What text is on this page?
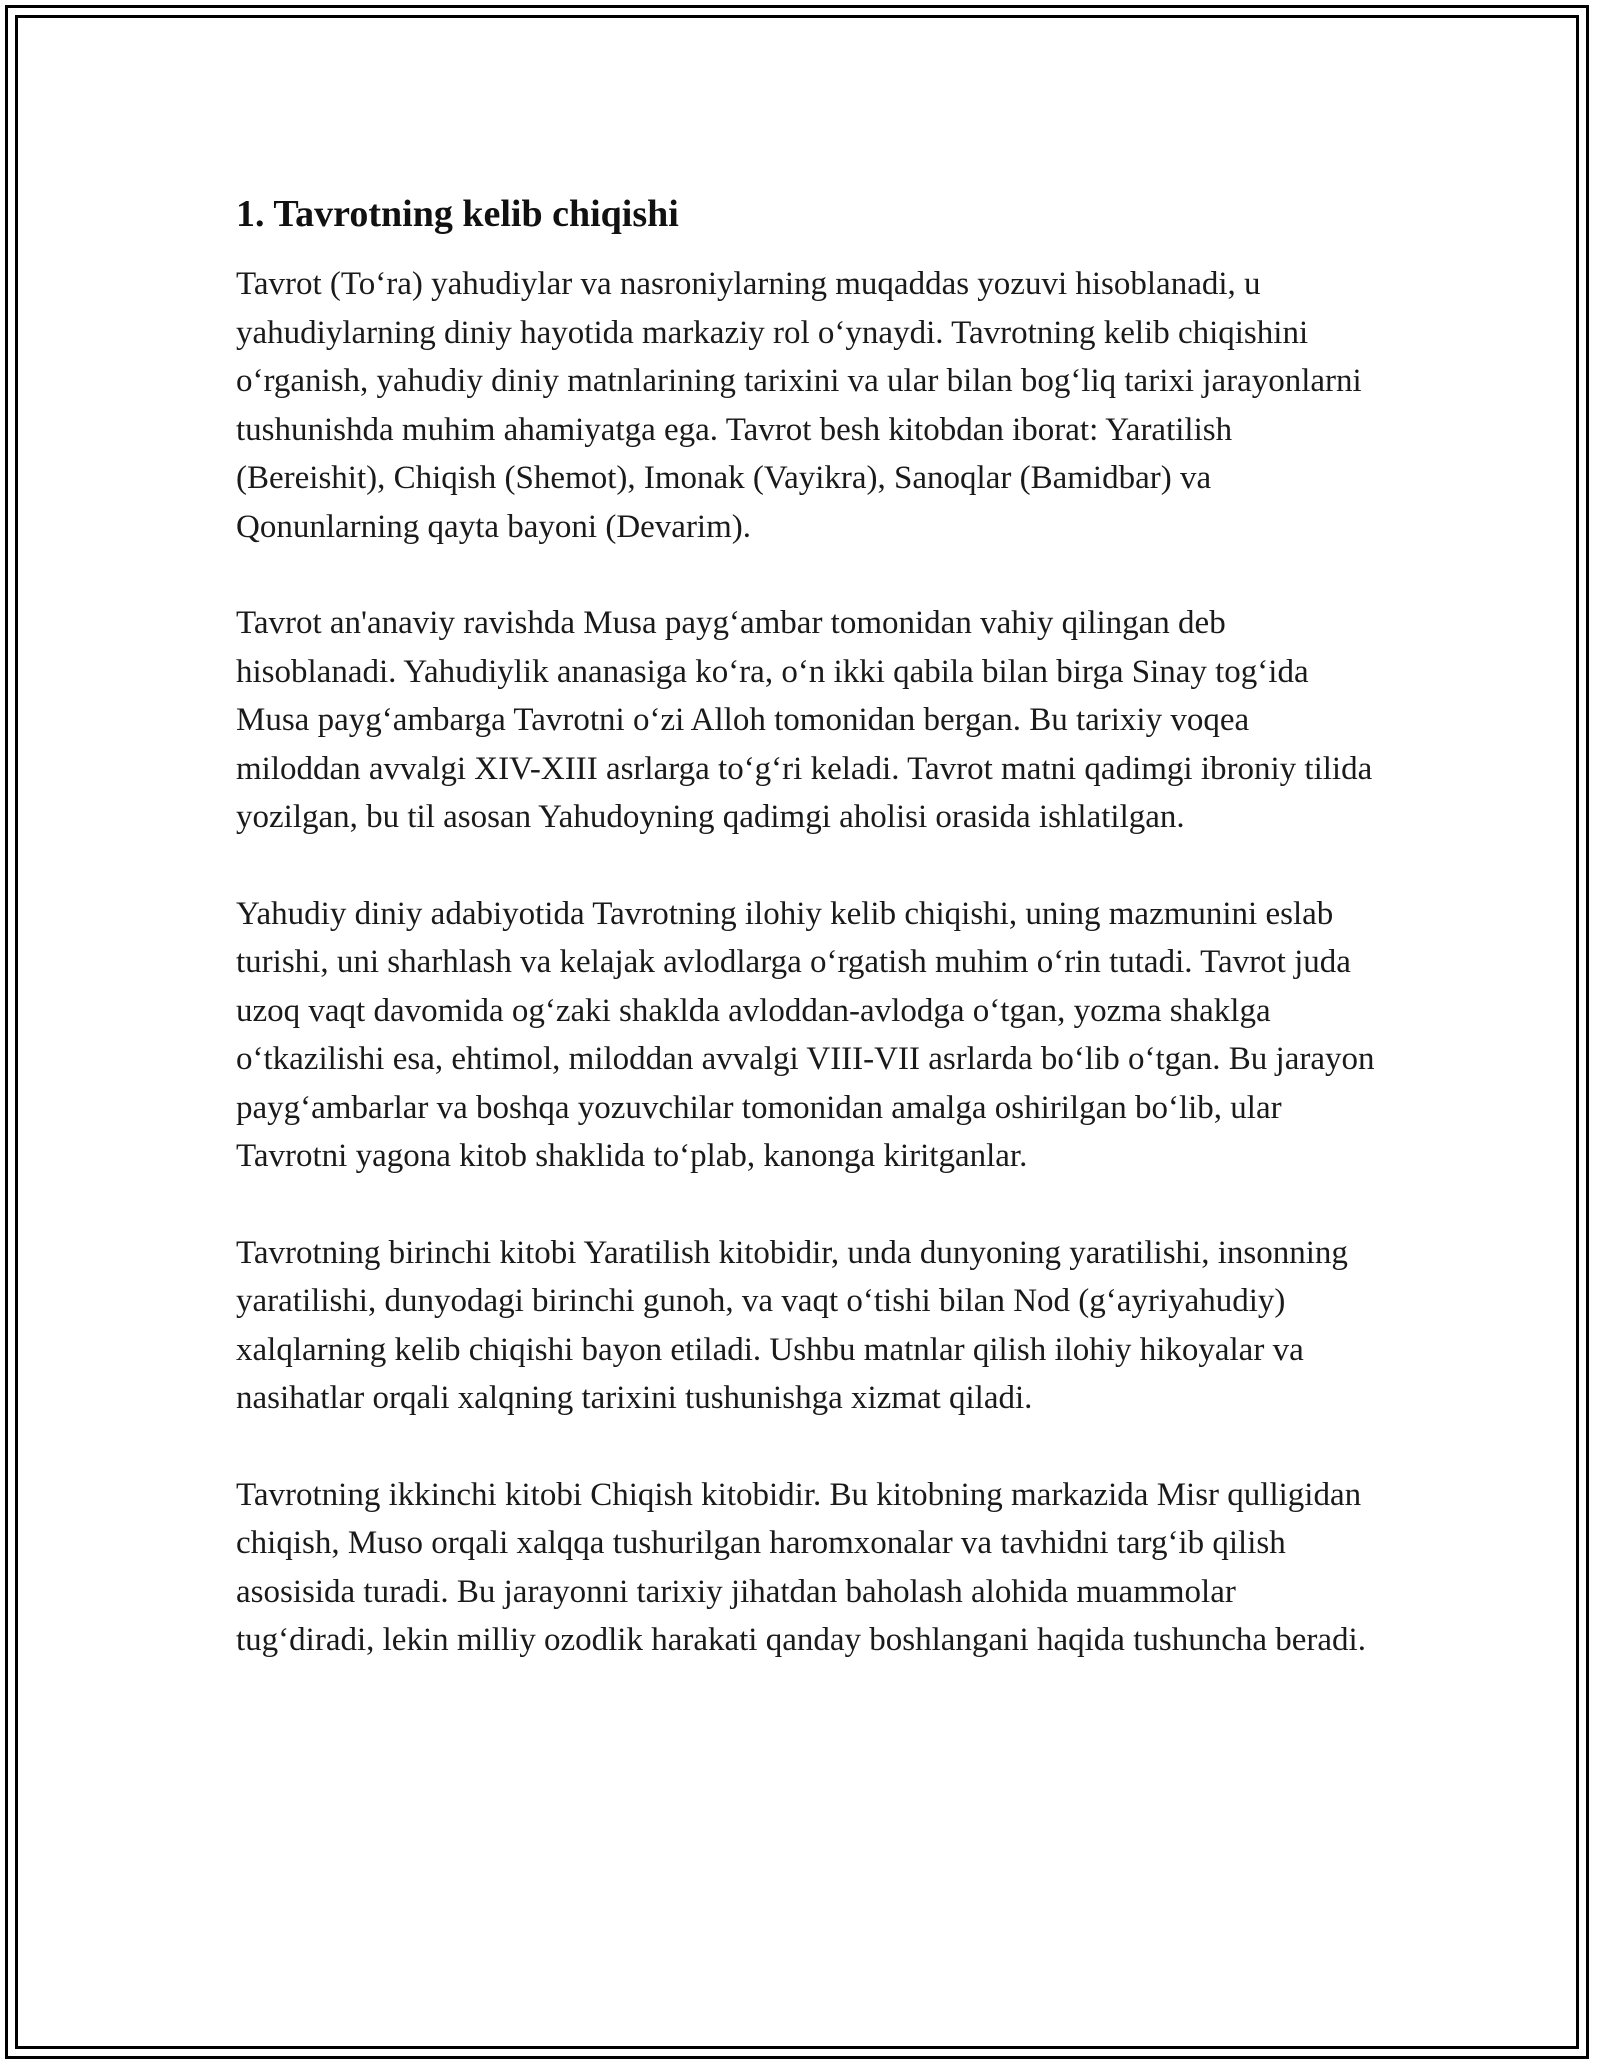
1. Tavrotning kelib chiqishi

Tavrot (To‘ra) yahudiylar va nasroniylarning muqaddas yozuvi hisoblanadi, u yahudiylarning diniy hayotida markaziy rol o‘ynaydi. Tavrotning kelib chiqishini o‘rganish, yahudiy diniy matnlarining tarixini va ular bilan bog‘liq tarixi jarayonlarni tushunishda muhim ahamiyatga ega. Tavrot besh kitobdan iborat: Yaratilish (Bereishit), Chiqish (Shemot), Imonak (Vayikra), Sanoqlar (Bamidbar) va Qonunlarning qayta bayoni (Devarim).

Tavrot an'anaviy ravishda Musa payg‘ambar tomonidan vahiy qilingan deb hisoblanadi. Yahudiylik ananasiga ko‘ra, o‘n ikki qabila bilan birga Sinay tog‘ida Musa payg‘ambarga Tavrotni o‘zi Alloh tomonidan bergan. Bu tarixiy voqea miloddan avvalgi XIV-XIII asrlarga to‘g‘ri keladi. Tavrot matni qadimgi ibroniy tilida yozilgan, bu til asosan Yahudoyning qadimgi aholisi orasida ishlatilgan.

Yahudiy diniy adabiyotida Tavrotning ilohiy kelib chiqishi, uning mazmunini eslab turishi, uni sharhlash va kelajak avlodlarga o‘rgatish muhim o‘rin tutadi. Tavrot juda uzoq vaqt davomida og‘zaki shaklda avloddan-avlodga o‘tgan, yozma shaklga o‘tkazilishi esa, ehtimol, miloddan avvalgi VIII-VII asrlarda bo‘lib o‘tgan. Bu jarayon payg‘ambarlar va boshqa yozuvchilar tomonidan amalga oshirilgan bo‘lib, ular Tavrotni yagona kitob shaklida to‘plab, kanonga kiritganlar.

Tavrotning birinchi kitobi Yaratilish kitobidir, unda dunyoning yaratilishi, insonning yaratilishi, dunyodagi birinchi gunoh, va vaqt o‘tishi bilan Nod (g‘ayriyahudiy) xalqlarning kelib chiqishi bayon etiladi. Ushbu matnlar qilish ilohiy hikoyalar va nasihatlar orqali xalqning tarixini tushunishga xizmat qiladi.

Tavrotning ikkinchi kitobi Chiqish kitobidir. Bu kitobning markazida Misr qulligidan chiqish, Muso orqali xalqqa tushurilgan haromxonalar va tavhidni targ‘ib qilish asosisida turadi. Bu jarayonni tarixiy jihatdan baholash alohida muammolar tug‘diradi, lekin milliy ozodlik harakati qanday boshlangani haqida tushuncha beradi.
